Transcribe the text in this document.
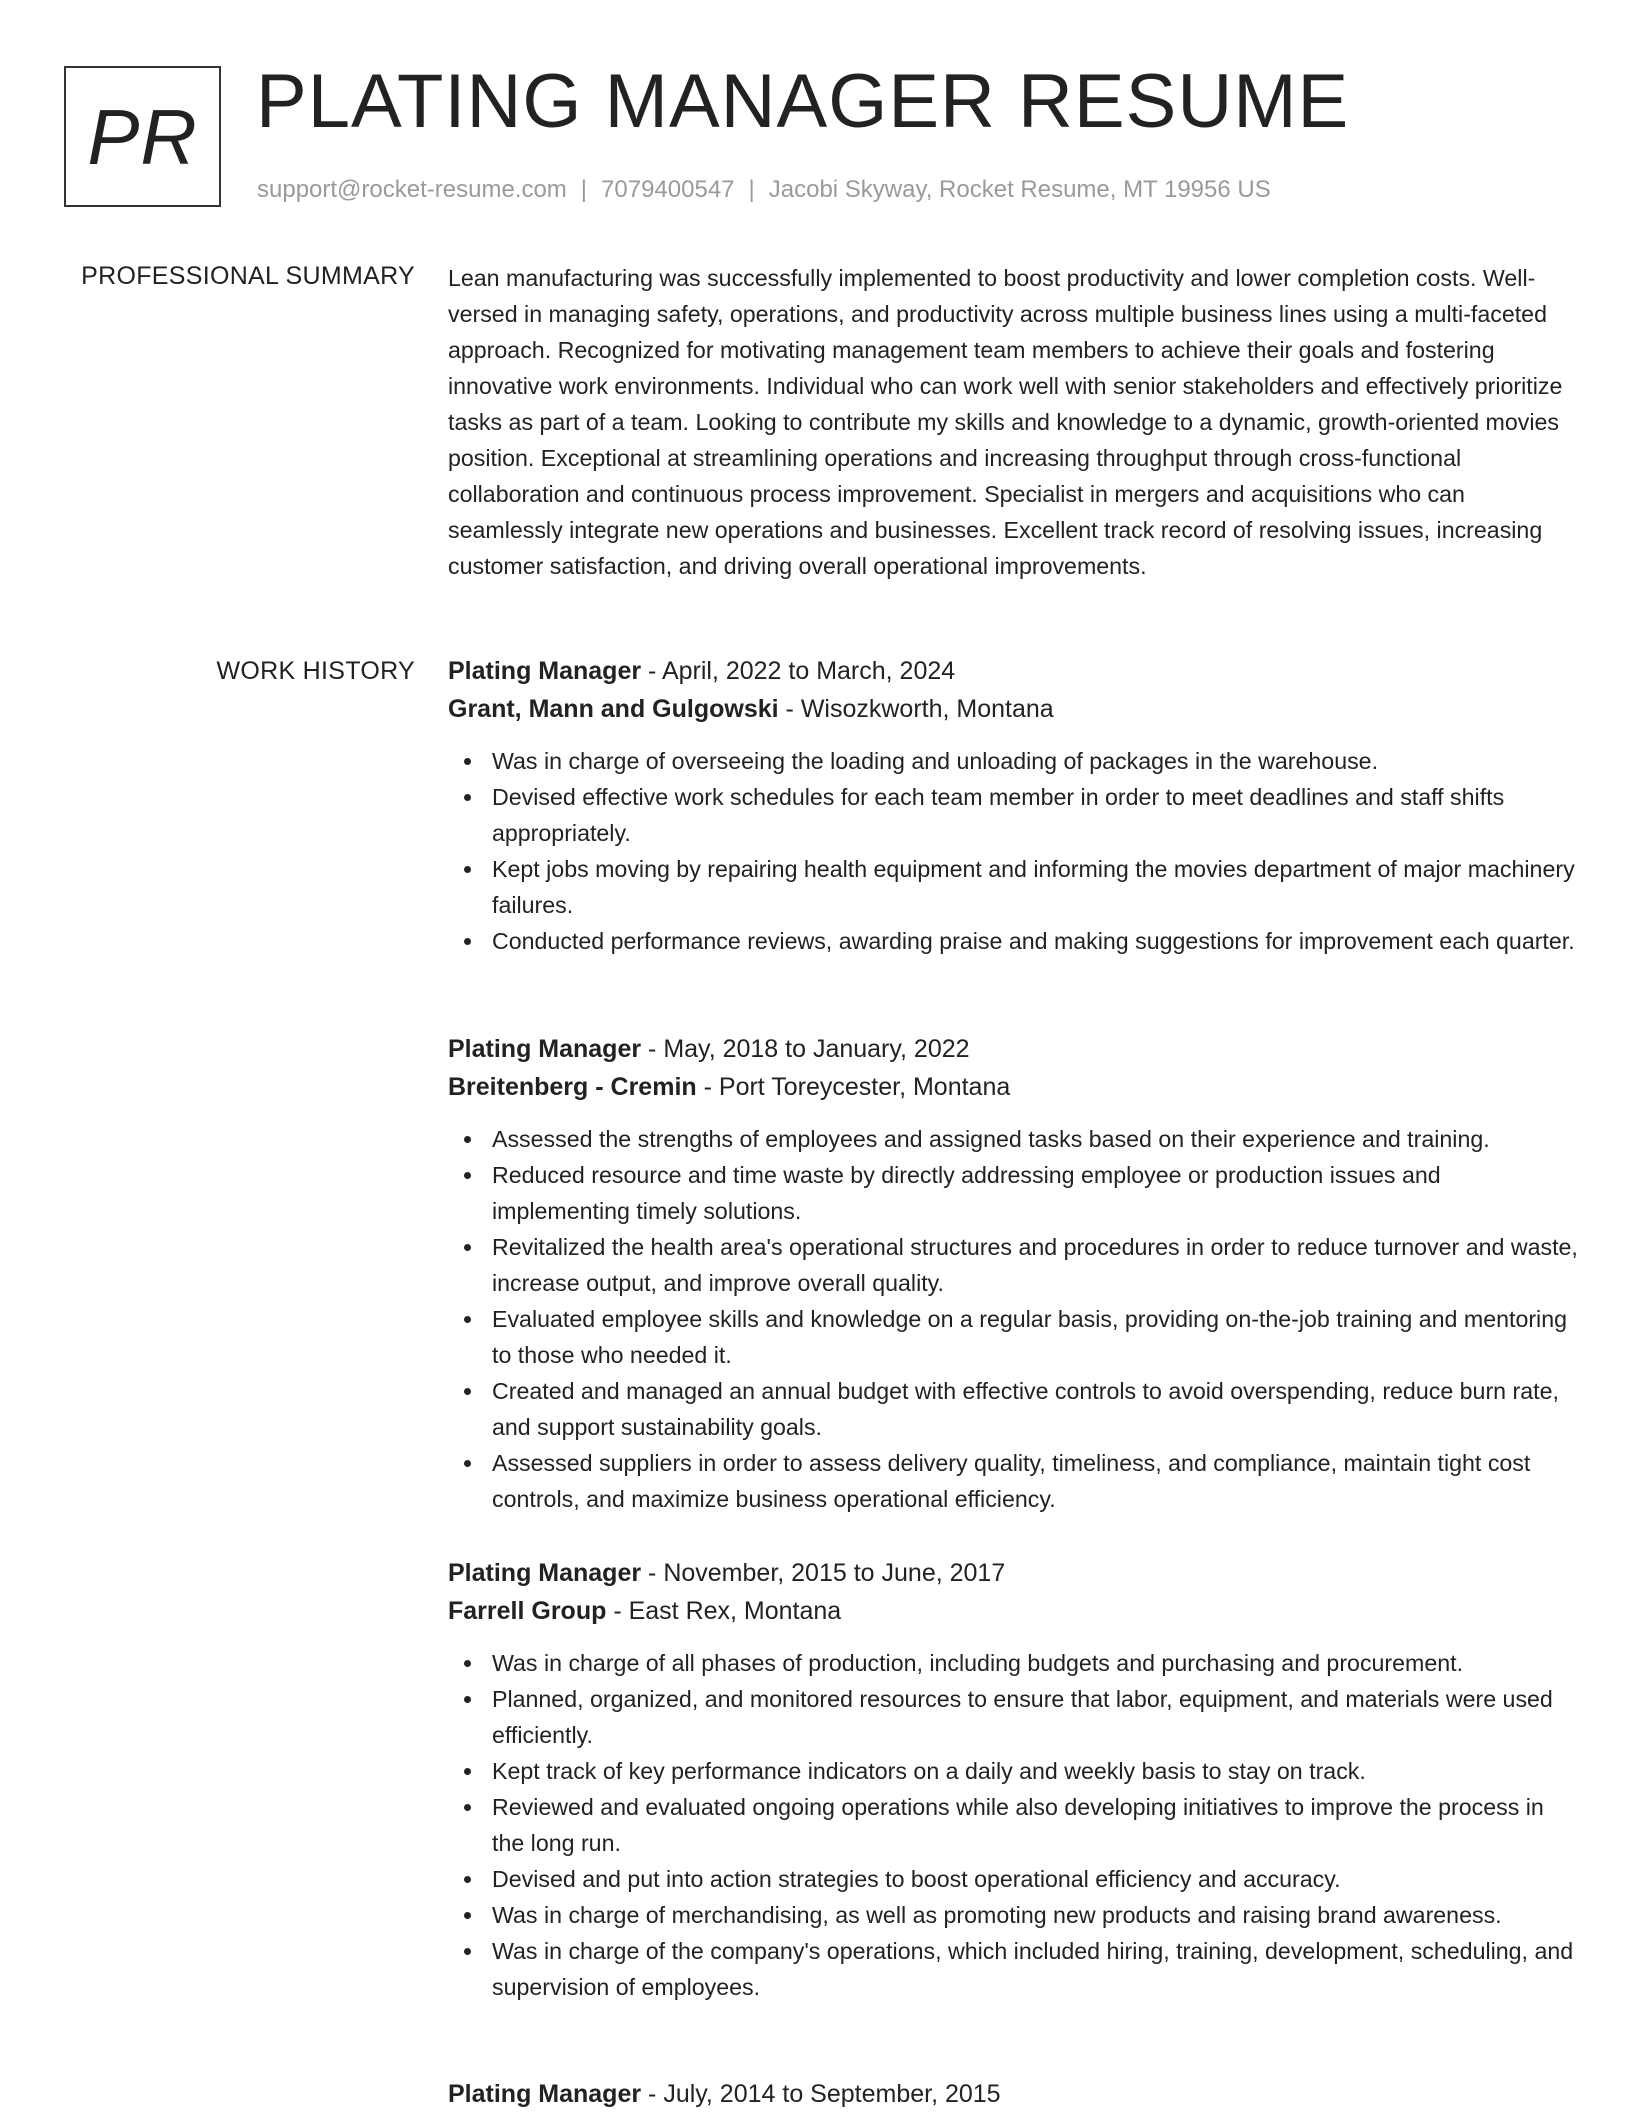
PR PLATING MANAGER RESUME
support@rocket-resume.com | 7079400547 | Jacobi Skyway, Rocket Resume, MT 19956 US
PROFESSIONAL SUMMARY Lean manufacturing was successfully implemented to boost productivity and lower completion costs. Well-versed in managing safety, operations, and productivity across multiple business lines using a multi-faceted approach. Recognized for motivating management team members to achieve their goals and fostering innovative work environments. Individual who can work well with senior stakeholders and effectively prioritize tasks as part of a team. Looking to contribute my skills and knowledge to a dynamic, growth-oriented movies position. Exceptional at streamlining operations and increasing throughput through cross-functional collaboration and continuous process improvement. Specialist in mergers and acquisitions who can seamlessly integrate new operations and businesses. Excellent track record of resolving issues, increasing customer satisfaction, and driving overall operational improvements.

WORK HISTORY Plating Manager - April, 2022 to March, 2024
Grant, Mann and Gulgowski - Wisozkworth, Montana
Was in charge of overseeing the loading and unloading of packages in the warehouse.
Devised effective work schedules for each team member in order to meet deadlines and staff shifts appropriately.
Kept jobs moving by repairing health equipment and informing the movies department of major machinery failures.
Conducted performance reviews, awarding praise and making suggestions for improvement each quarter.
Plating Manager - May, 2018 to January, 2022
Breitenberg - Cremin - Port Toreycester, Montana
Assessed the strengths of employees and assigned tasks based on their experience and training.
Reduced resource and time waste by directly addressing employee or production issues and implementing timely solutions.
Revitalized the health area's operational structures and procedures in order to reduce turnover and waste, increase output, and improve overall quality.
Evaluated employee skills and knowledge on a regular basis, providing on-the-job training and mentoring to those who needed it.
Created and managed an annual budget with effective controls to avoid overspending, reduce burn rate, and support sustainability goals.
Assessed suppliers in order to assess delivery quality, timeliness, and compliance, maintain tight cost controls, and maximize business operational efficiency.
Plating Manager - November, 2015 to June, 2017
Farrell Group - East Rex, Montana
Was in charge of all phases of production, including budgets and purchasing and procurement.
Planned, organized, and monitored resources to ensure that labor, equipment, and materials were used efficiently.
Kept track of key performance indicators on a daily and weekly basis to stay on track.
Reviewed and evaluated ongoing operations while also developing initiatives to improve the process in the long run.
Devised and put into action strategies to boost operational efficiency and accuracy.
Was in charge of merchandising, as well as promoting new products and raising brand awareness.
Was in charge of the company's operations, which included hiring, training, development, scheduling, and supervision of employees.
Plating Manager - July, 2014 to September, 2015
